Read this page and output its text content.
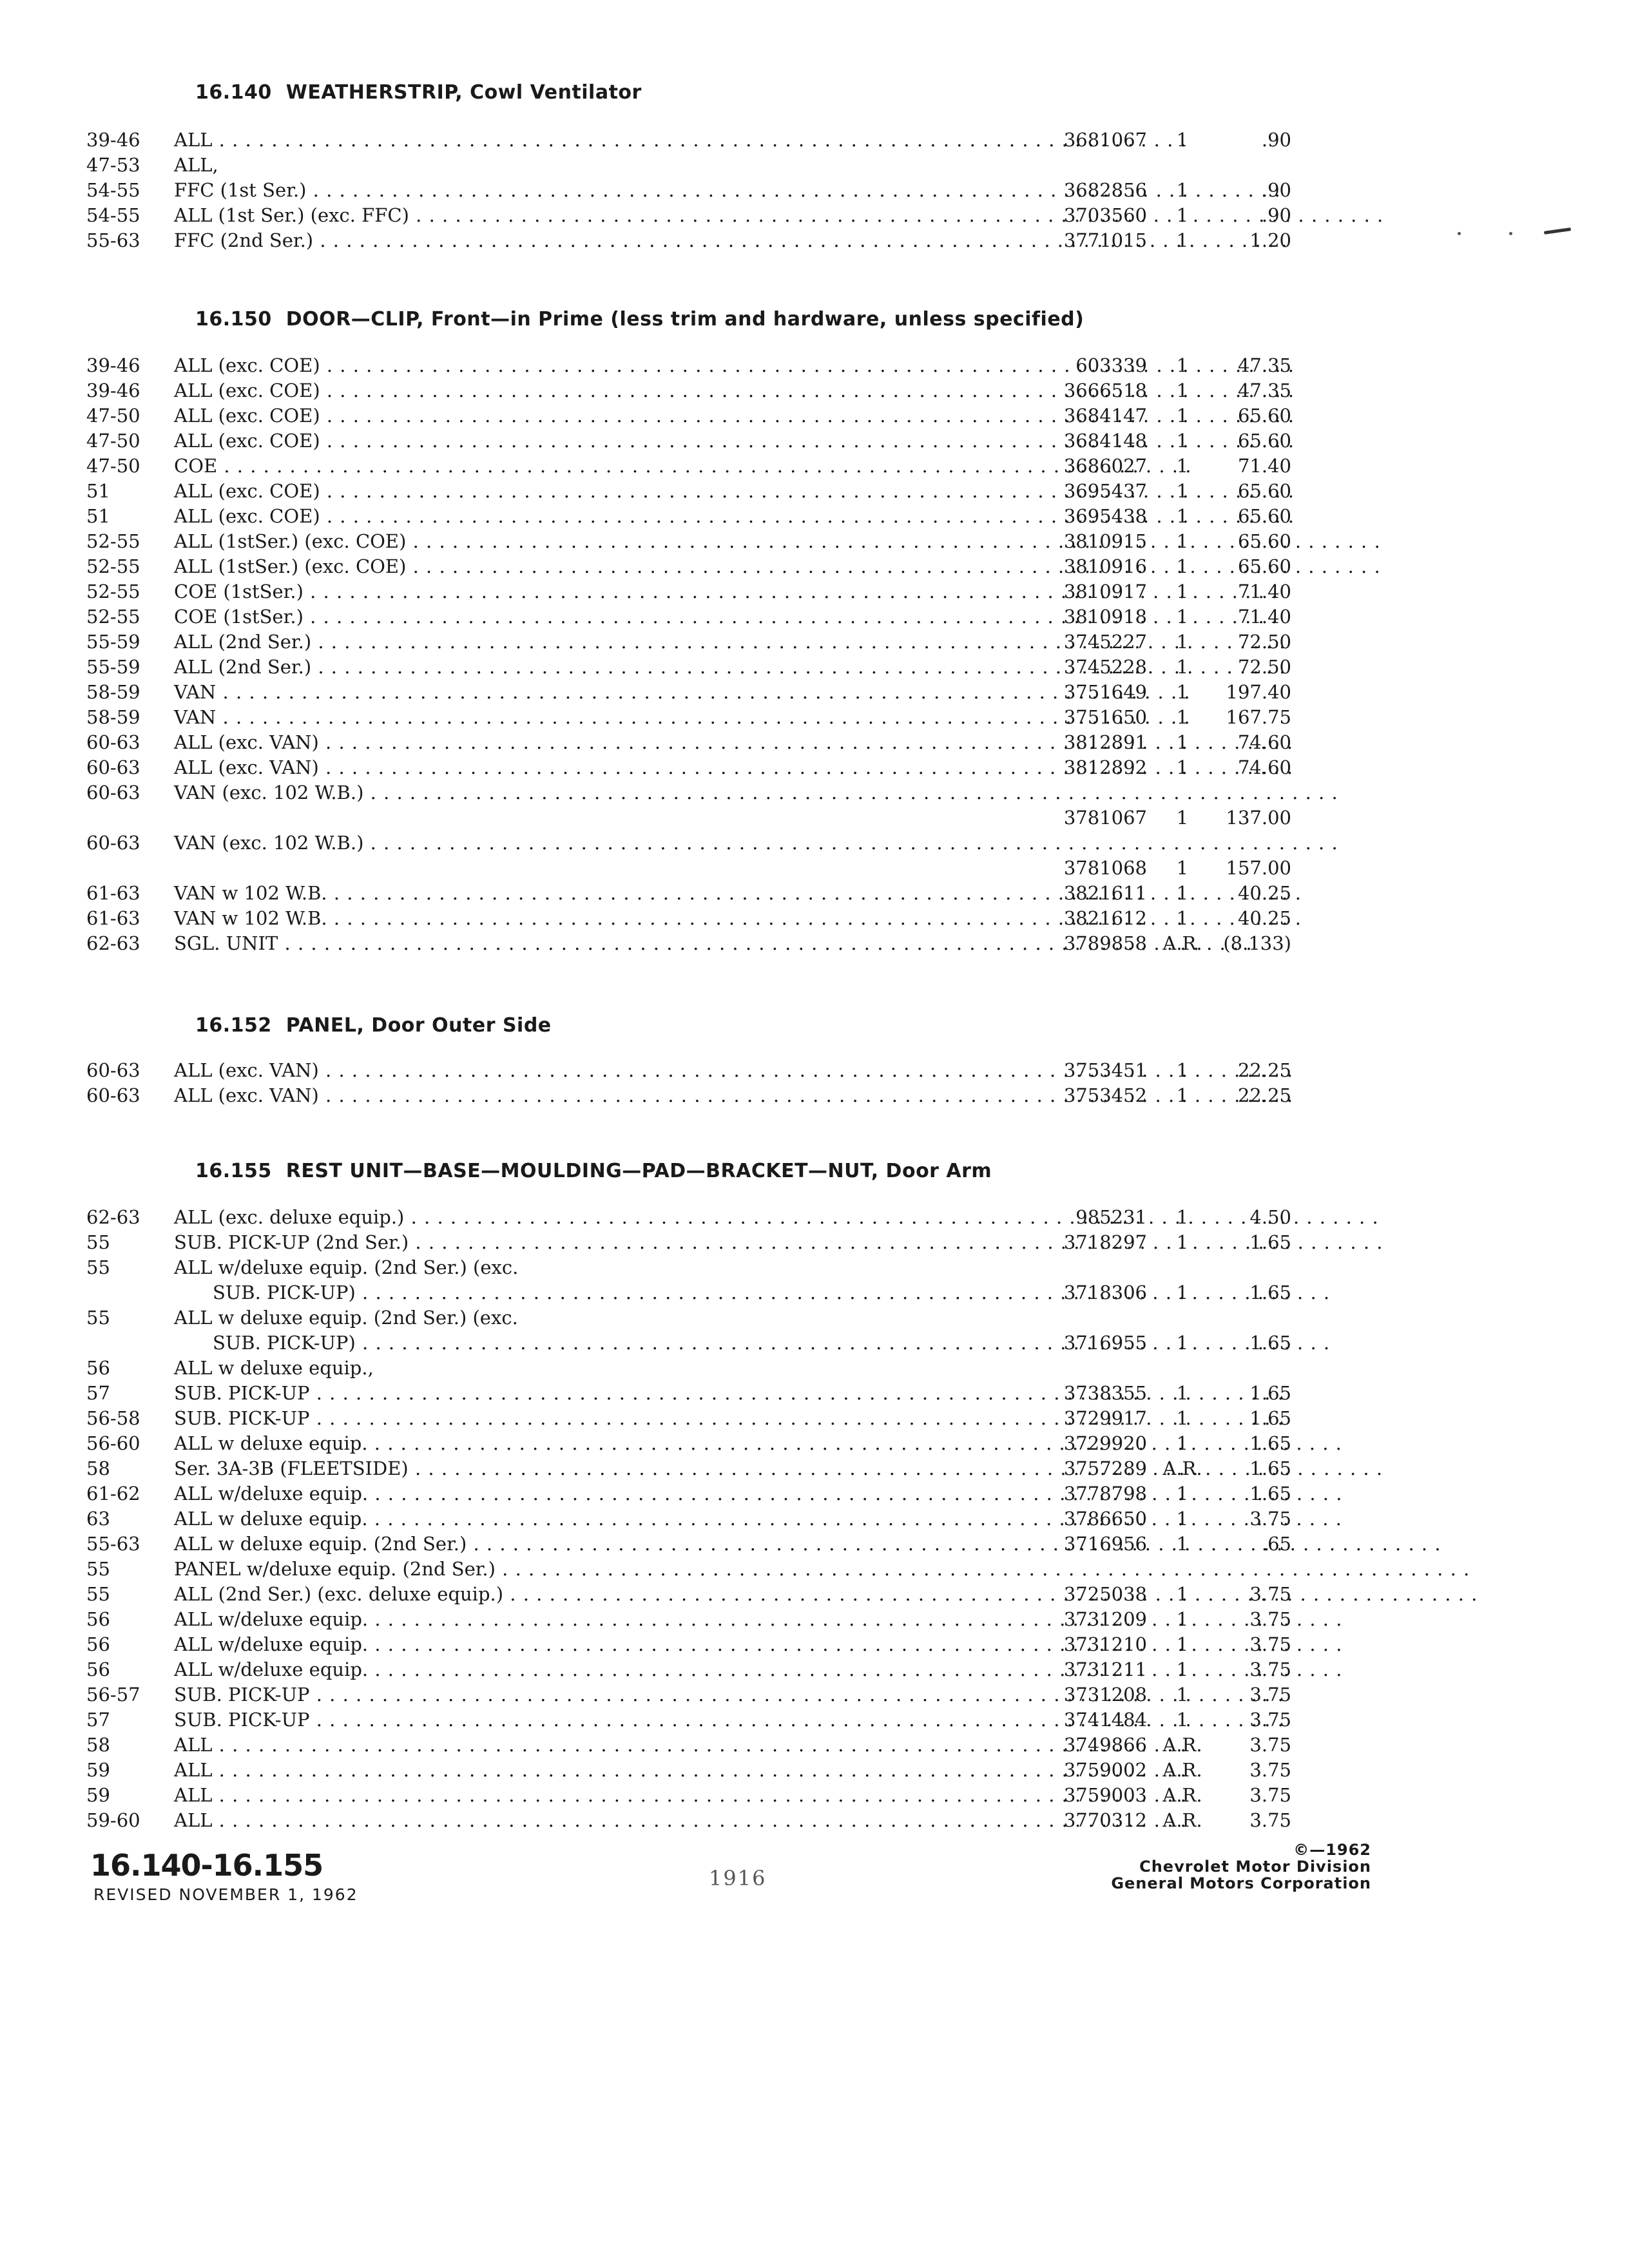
16.140 WEATHERSTRIP, Cowl Ventilator
39-46	ALL . . .	3681067	1	.90
47-53	ALL,
54-55	FFC (1st Ser.) . . .	3682856	1	.90
54-55	ALL (1st Ser.) (exc. FFC) . . .	3703560	1	.90
55-63	FFC (2nd Ser.) . . .	3771015	1	1.20
16.150 DOOR—CLIP, Front—in Prime (less trim and hardware, unless specified)
39-46	ALL (exc. COE) . . .	603339	1	47.35
39-46	ALL (exc. COE) . . .	3666518	1	47.35
47-50	ALL (exc. COE) . . .	3684147	1	65.60
47-50	ALL (exc. COE) . . .	3684148	1	65.60
47-50	COE . . .	3686027	1	71.40
51	ALL (exc. COE) . . .	3695437	1	65.60
51	ALL (exc. COE) . . .	3695438	1	65.60
52-55	ALL (1stSer.) (exc. COE) . . .	3810915	1	65.60
52-55	ALL (1stSer.) (exc. COE) . . .	3810916	1	65.60
52-55	COE (1stSer.) . . .	3810917	1	71.40
52-55	COE (1stSer.) . . .	3810918	1	71.40
55-59	ALL (2nd Ser.) . . .	3745227	1	72.50
55-59	ALL (2nd Ser.) . . .	3745228	1	72.50
58-59	VAN . . .	3751649	1	197.40
58-59	VAN . . .	3751650	1	167.75
60-63	ALL (exc. VAN) . . .	3812891	1	74.60
60-63	ALL (exc. VAN) . . .	3812892	1	74.60
60-63	VAN (exc. 102 W.B.) . . .
3781067	1	137.00
60-63	VAN (exc. 102 W.B.) . . .
3781068	1	157.00
61-63	VAN w 102 W.B. . . .	3821611	1	40.25
61-63	VAN w 102 W.B. . . .	3821612	1	40.25
62-63	SGL. UNIT . . .	3789858 A.R.	(8.133)
16.152 PANEL, Door Outer Side
60-63	ALL (exc. VAN) . . .	3753451	1	22.25
60-63	ALL (exc. VAN) . . .	3753452	1	22.25
16.155 REST UNIT—BASE—MOULDING—PAD—BRACKET—NUT, Door Arm
62-63	ALL (exc. deluxe equip.) . . .	985231	1	4.50
55	SUB. PICK-UP (2nd Ser.) . . .	3718297	1	1.65
55	ALL w/deluxe equip. (2nd Ser.) (exc.
SUB. PICK-UP) . . .	3718306	1	1.65
55	ALL w deluxe equip. (2nd Ser.) (exc.
SUB. PICK-UP) . . .	3716955	1	1.65
56	ALL w deluxe equip.,
57	SUB. PICK-UP . . .	3738355	1	1.65
56-58	SUB. PICK-UP . . .	3729917	1	1.65
56-60	ALL w deluxe equip. . . .	3729920	1	1.65
58	Ser. 3A-3B (FLEETSIDE) . . .	3757289 A.R.	1.65
61-62	ALL w/deluxe equip. . . .	3778798	1	1.65
63	ALL w deluxe equip. . . .	3786650	1	3.75
55-63	ALL w deluxe equip. (2nd Ser.) . . .	3716956	1	.65
55	PANEL w/deluxe equip. (2nd Ser.) . . .
55	ALL (2nd Ser.) (exc. deluxe equip.) . . .	3725038	1	3.75
56	ALL w/deluxe equip. . . .	3731209	1	3.75
56	ALL w/deluxe equip. . . .	3731210	1	3.75
56	ALL w/deluxe equip. . . .	3731211	1	3.75
56-57	SUB. PICK-UP . . .	3731208	1	3.75
57	SUB. PICK-UP . . .	3741484	1	3.75
58	ALL . . .	3749866 A.R.	3.75
59	ALL . . .	3759002 A.R.	3.75
59	ALL . . .	3759003 A.R.	3.75
59-60	ALL . . .	3770312 A.R.	3.75
16.140-16.155
REVISED NOVEMBER 1, 1962
1916
©—1962
Chevrolet Motor Division
General Motors Corporation
